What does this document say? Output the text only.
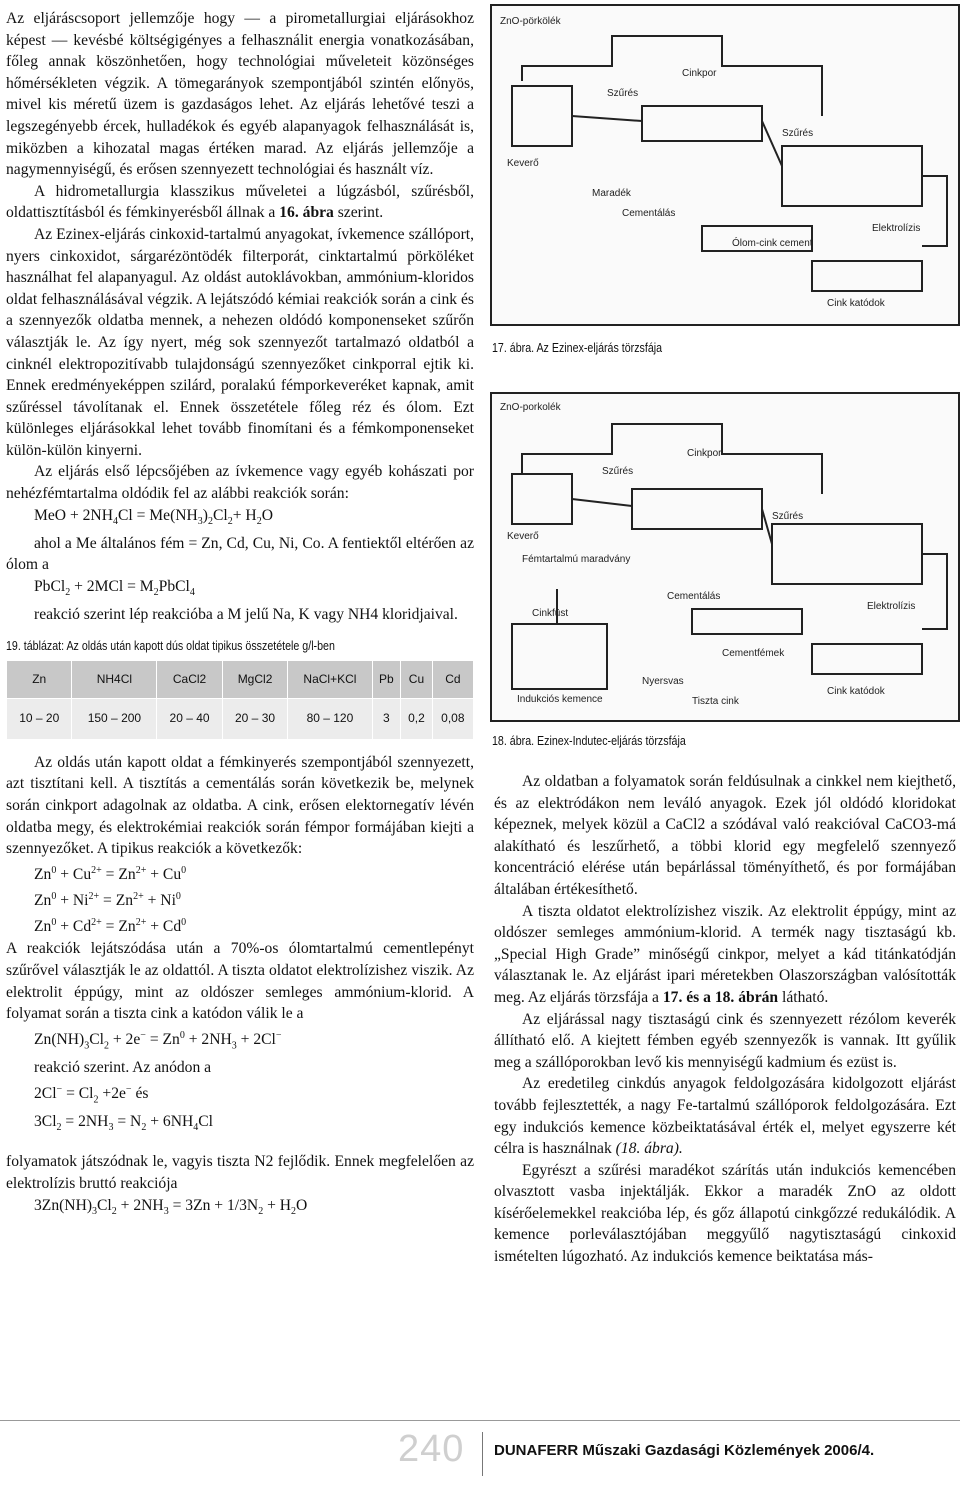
Az eljáráscsoport jellemzője hogy — a pirometallurgiai eljárásokhoz képest — kevésbé költségigényes a felhasználit energia vonatkozásában, főleg annak köszönhetően, hogy technológiai műveleteit közönséges hőmérsékleten végzik. A tömegarányok szempontjából szintén előnyös, mivel kis méretű üzem is gazdaságos lehet. Az eljárás lehetővé teszi a legszegényebb ércek, hulladékok és egyéb alapanyagok felhasználását is, miközben a kihozatal magas értéken marad. Az eljárás jellemzője a nagymennyiségű, és erősen szennyezett technológiai és használt víz.

A hidrometallurgia klasszikus műveletei a lúgzásból, szűrésből, oldattisztításból és fémkinyerésből állnak a 16. ábra szerint.

Az Ezinex-eljárás cinkoxid-tartalmú anyagokat, ívkemence szállóport, nyers cinkoxidot, sárgarézöntödék filterporát, cinktartalmú pörköléket használhat fel alapanyagul. Az oldást autoklávokban, ammónium-kloridos oldat felhasználásával végzik. A lejátszódó kémiai reakciók során a cink és a szennyezők oldatba mennek, a nehezen oldódó komponenseket szűrőn választják le. Az így nyert, még sok szennyezőt tartalmazó oldatból a cinknél elektropozitívabb tulajdonságú szennyezőket cinkporral ejtik ki. Ennek eredményeképpen szilárd, poralakú fémporkeveréket kapnak, amit szűréssel távolítanak el. Ennek összetétele főleg réz és ólom. Ezt különleges eljárásokkal lehet tovább finomítani és a fémkomponenseket külön-külön kinyerni.

Az eljárás első lépcsőjében az ívkemence vagy egyéb kohászati por nehézfémtartalma oldódik fel az alábbi reakciók során:

MeO + $2NH_4Cl = Me(NH_3)_2Cl_2+ H_2O$

ahol a Me általános fém = Zn, Cd, Cu, Ni, Co. A fentiektől eltérően az ólom a

PbCl$_2$ + $2MCl = M_2PbCl_4$

reakció szerint lép reakcióba a M jelű Na, K vagy NH4 kloridjaival.

19. táblázat: Az oldás után kapott dús oldat tipikus összetétele g/l-ben
Zn	NH4Cl	CaCl2	MgCl2	NaCl+KCl	Pb	Cu	Cd
10 – 20	150 – 200	20 – 40	20 – 30	80 – 120	3	0,2	0,08

Az oldás után kapott oldat a fémkinyerés szempontjából szennyezett, azt tisztítani kell. A tisztítás a cementálás során következik be, melynek során cinkport adagolnak az oldatba. A cink, erősen elektornegatív lévén oldatba megy, és elektrokémiai reakciók során fémpor formájában kiejti a szennyezőket. A tipikus reakciók a következők:

$Zn^0 + Cu^{2+} = Zn^{2+} + Cu^0$
$Zn^0 + Ni^{2+} = Zn^{2+} + Ni^0$
$Zn^0 + Cd^{2+} = Zn^{2+} + Cd^0$

A reakciók lejátszódása után a 70%-os ólomtartalmú cementlepényt szűrővel választják le az oldattól. A tiszta oldatot elektrolízishez viszik. Az elektrolit éppúgy, mint az oldószer semleges ammónium-klorid. A folyamat során a tiszta cink a katódon válik le a

$Zn(NH)_3Cl_2 + 2e^- = Zn^0 + 2NH_3 + 2Cl^-$
reakció szerint. Az anódon a
$2Cl^- = Cl_2 +2e^-$ és
$3Cl_2 = 2NH_3 = N_2 + 6NH_4Cl$

folyamatok játszódnak le, vagyis tiszta N2 fejlődik. Ennek megfelelően az elektrolízis bruttó reakciója

$3Zn(NH)_3Cl_2 + 2NH_3 = 3Zn + 1/3N_2 + H_2O$
ZnO-pörkölék
Szűrés
Cinkpor
Szűrés
Keverő
Maradék
Cementálás
Ólom-cink cement
Elektrolízis
Cink katódok
17. ábra. Az Ezinex-eljárás törzsfája
ZnO-porkolék
Szűrés
Cinkpor
Szűrés
Keverő
Fémtartalmú maradvány
Cementálás
Cinkfüst
Cementfémek
Elektrolízis
Indukciós kemence
Nyersvas
Tiszta cink
Cink katódok
18. ábra. Ezinex-Indutec-eljárás törzsfája

Az oldatban a folyamatok során feldúsulnak a cinkkel nem kiejthető, és az elektródákon nem leváló anyagok. Ezek jól oldódó kloridokat képeznek, melyek közül a CaCl2 a szódával való reakcióval CaCO3-má alakítható és leszűrhető, a többi klorid egy megfelelő szennyező koncentráció elérése után bepárlással töményíthető, és por formájában általában értékesíthető.

A tiszta oldatot elektrolízishez viszik. Az elektrolit éppúgy, mint az oldószer semleges ammónium-klorid. A termék nagy tisztaságú kb. „Special High Grade” minőségű cinkpor, melyet a kád titánkatódján választanak le. Az eljárást ipari méretekben Olaszországban valósították meg. Az eljárás törzsfája a 17. és a 18. ábrán látható.

Az eljárással nagy tisztaságú cink és szennyezett rézólom keverék állítható elő. A kiejtett fémben egyéb szennyezők is vannak. Itt gyűlik meg a szállóporokban levő kis mennyiségű kadmium és ezüst is.

Az eredetileg cinkdús anyagok feldolgozására kidolgozott eljárást tovább fejlesztették, a nagy Fe-tartalmú szállóporok feldolgozására. Ezt egy indukciós kemence közbeiktatásával érték el, melyet egyszerre két célra is használnak (18. ábra).

Egyrészt a szűrési maradékot szárítás után indukciós kemencében olvasztott vasba injektálják. Ekkor a maradék ZnO az oldott kísérőelemekkel reakcióba lép, és gőz állapotú cinkgőzzé redukálódik. A kemence porleválasztójában meggyűlő nagytisztaságú cinkoxid ismételten lúgozható. Az indukciós kemence beiktatása más-

240 DUNAFERR Műszaki Gazdasági Közlemények 2006/4.
